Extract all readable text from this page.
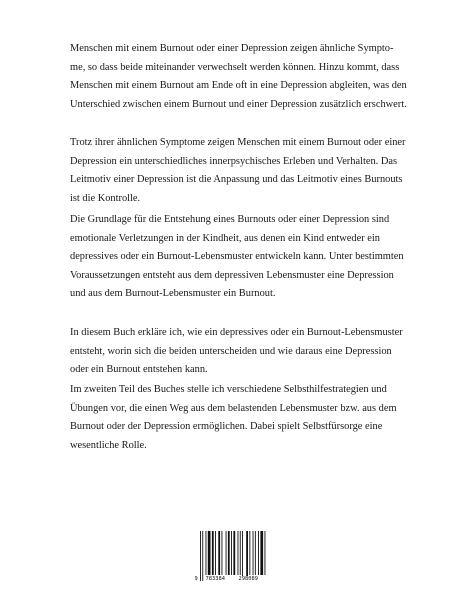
Menschen mit einem Burnout oder einer Depression zeigen ähnliche Sympto-
me, so dass beide miteinander verwechselt werden können. Hinzu kommt, dass
Menschen mit einem Burnout am Ende oft in eine Depression abgleiten, was den
Unterschied zwischen einem Burnout und einer Depression zusätzlich erschwert.
Trotz ihrer ähnlichen Symptome zeigen Menschen mit einem Burnout oder einer
Depression ein unterschiedliches innerpsychisches Erleben und Verhalten. Das
Leitmotiv einer Depression ist die Anpassung und das Leitmotiv eines Burnouts
ist die Kontrolle.
Die Grundlage für die Entstehung eines Burnouts oder einer Depression sind
emotionale Verletzungen in der Kindheit, aus denen ein Kind entweder ein
depressives oder ein Burnout-Lebensmuster entwickeln kann. Unter bestimmten
Voraussetzungen entsteht aus dem depressiven Lebensmuster eine Depression
und aus dem Burnout-Lebensmuster ein Burnout.
In diesem Buch erkläre ich, wie ein depressives oder ein Burnout-Lebensmuster
entsteht, worin sich die beiden unterscheiden und wie daraus eine Depression
oder ein Burnout entstehen kann.
Im zweiten Teil des Buches stelle ich verschiedene Selbsthilfestrategien und
Übungen vor, die einen Weg aus dem belastenden Lebensmuster bzw. aus dem
Burnout oder der Depression ermöglichen. Dabei spielt Selbstfürsorge eine
wesentliche Rolle.
9 783384	298089
